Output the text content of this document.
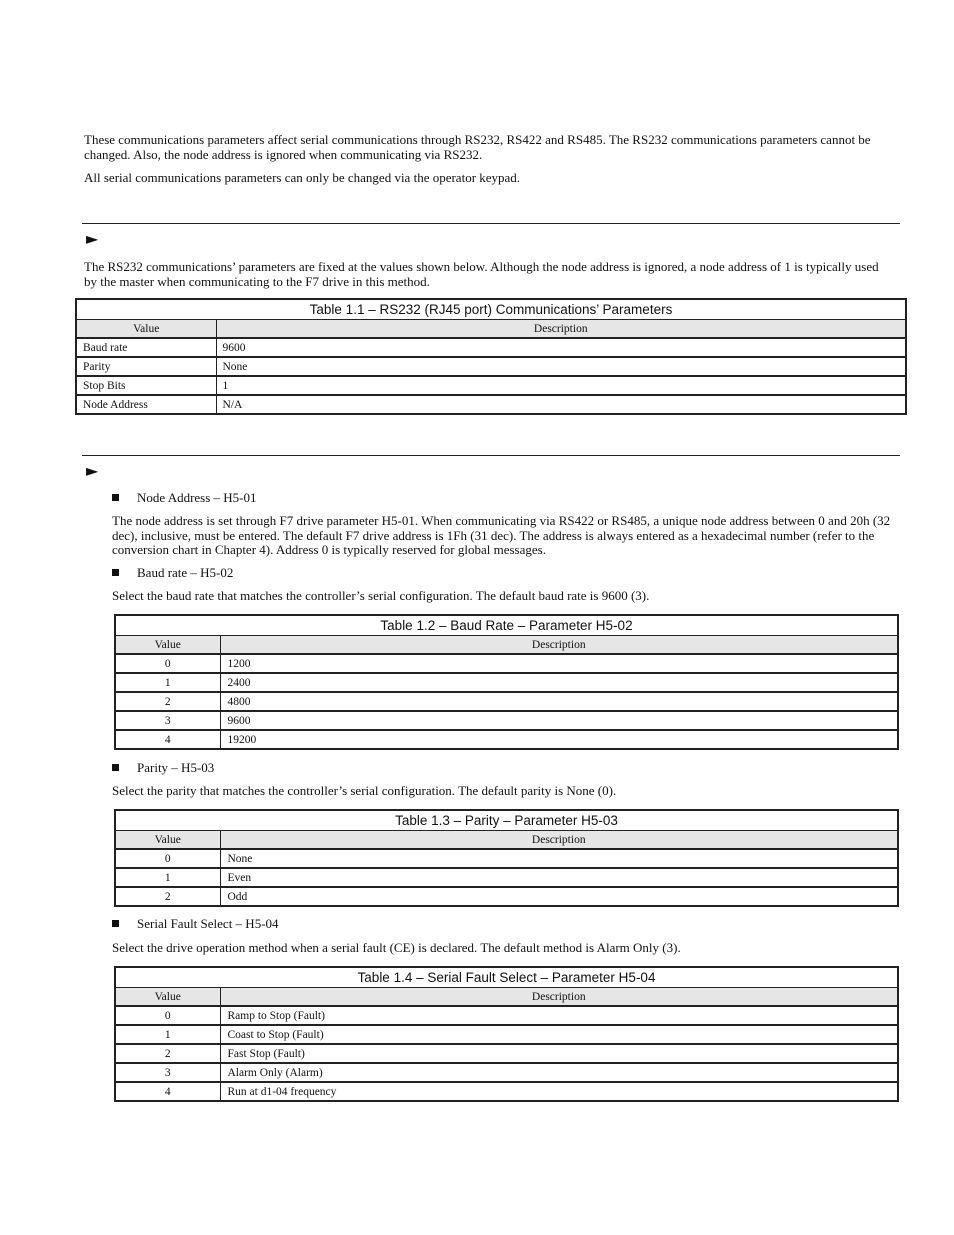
These communications parameters affect serial communications through RS232, RS422 and RS485. The RS232 communications parameters cannot be changed. Also, the node address is ignored when communicating via RS232.

All serial communications parameters can only be changed via the operator keypad.

►

The RS232 communications’ parameters are fixed at the values shown below. Although the node address is ignored, a node address of 1 is typically used by the master when communicating to the F7 drive in this method.

Table 1.1 – RS232 (RJ45 port) Communications’ Parameters	
Value	Description
Baud rate	9600
Parity	None
Stop Bits	1
Node Address	N/A
►
Node Address – H5-01

The node address is set through F7 drive parameter H5-01. When communicating via RS422 or RS485, a unique node address between 0 and 20h (32 dec), inclusive, must be entered. The default F7 drive address is 1Fh (31 dec). The address is always entered as a hexadecimal number (refer to the conversion chart in Chapter 4). Address 0 is typically reserved for global messages.

Baud rate – H5-02

Select the baud rate that matches the controller’s serial configuration. The default baud rate is 9600 (3).

Table 1.2 – Baud Rate – Parameter H5-02	
Value	Description
0	1200
1	2400
2	4800
3	9600
4	19200
Parity – H5-03

Select the parity that matches the controller’s serial configuration. The default parity is None (0).

Table 1.3 – Parity – Parameter H5-03	
Value	Description
0	None
1	Even
2	Odd
Serial Fault Select – H5-04

Select the drive operation method when a serial fault (CE) is declared. The default method is Alarm Only (3).

Table 1.4 – Serial Fault Select – Parameter H5-04	
Value	Description
0	Ramp to Stop (Fault)
1	Coast to Stop (Fault)
2	Fast Stop (Fault)
3	Alarm Only (Alarm)
4	Run at d1-04 frequency
